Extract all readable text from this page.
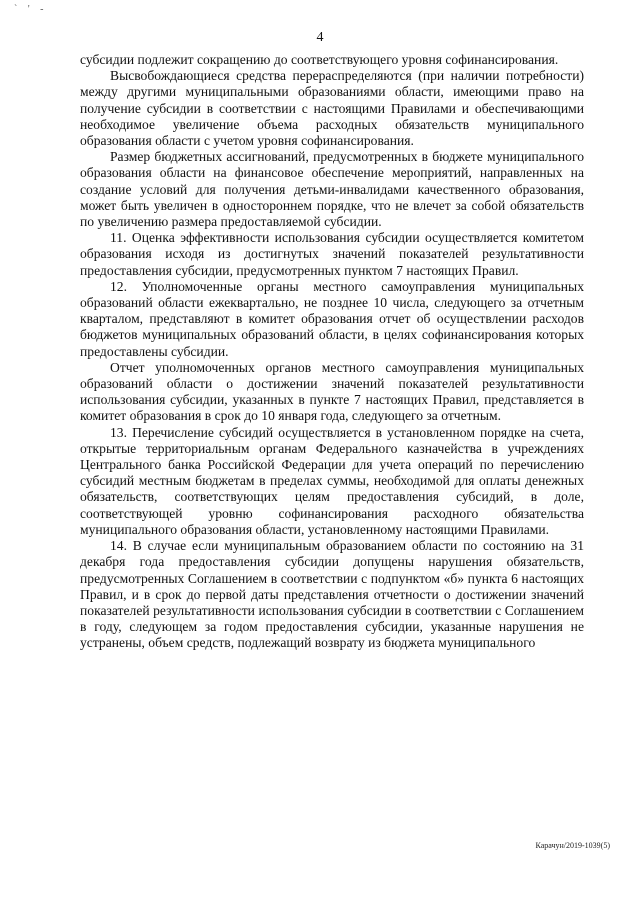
` ' -
4

субсидии подлежит сокращению до соответствующего уровня софинансирования.

Высвобождающиеся средства перераспределяются (при наличии потребности) между другими муниципальными образованиями области, имеющими право на получение субсидии в соответствии с настоящими Правилами и обеспечивающими необходимое увеличение объема расходных обязательств муниципального образования области с учетом уровня софинансирования.

Размер бюджетных ассигнований, предусмотренных в бюджете муниципального образования области на финансовое обеспечение мероприятий, направленных на создание условий для получения детьми-инвалидами качественного образования, может быть увеличен в одностороннем порядке, что не влечет за собой обязательств по увеличению размера предоставляемой субсидии.

11. Оценка эффективности использования субсидии осуществляется комитетом образования исходя из достигнутых значений показателей результативности предоставления субсидии, предусмотренных пунктом 7 настоящих Правил.

12. Уполномоченные органы местного самоуправления муниципальных образований области ежеквартально, не позднее 10 числа, следующего за отчетным кварталом, представляют в комитет образования отчет об осуществлении расходов бюджетов муниципальных образований области, в целях софинансирования которых предоставлены субсидии.

Отчет уполномоченных органов местного самоуправления муниципальных образований области о достижении значений показателей результативности использования субсидии, указанных в пункте 7 настоящих Правил, представляется в комитет образования в срок до 10 января года, следующего за отчетным.

13. Перечисление субсидий осуществляется в установленном порядке на счета, открытые территориальным органам Федерального казначейства в учреждениях Центрального банка Российской Федерации для учета операций по перечислению субсидий местным бюджетам в пределах суммы, необходимой для оплаты денежных обязательств, соответствующих целям предоставления субсидий, в доле, соответствующей уровню софинансирования расходного обязательства муниципального образования области, установленному настоящими Правилами.

14. В случае если муниципальным образованием области по состоянию на 31 декабря года предоставления субсидии допущены нарушения обязательств, предусмотренных Соглашением в соответствии с подпунктом «б» пункта 6 настоящих Правил, и в срок до первой даты представления отчетности о достижении значений показателей результативности использования субсидии в соответствии с Соглашением в году, следующем за годом предоставления субсидии, указанные нарушения не устранены, объем средств, подлежащий возврату из бюджета муниципального

Карачун/2019-1039(5)
